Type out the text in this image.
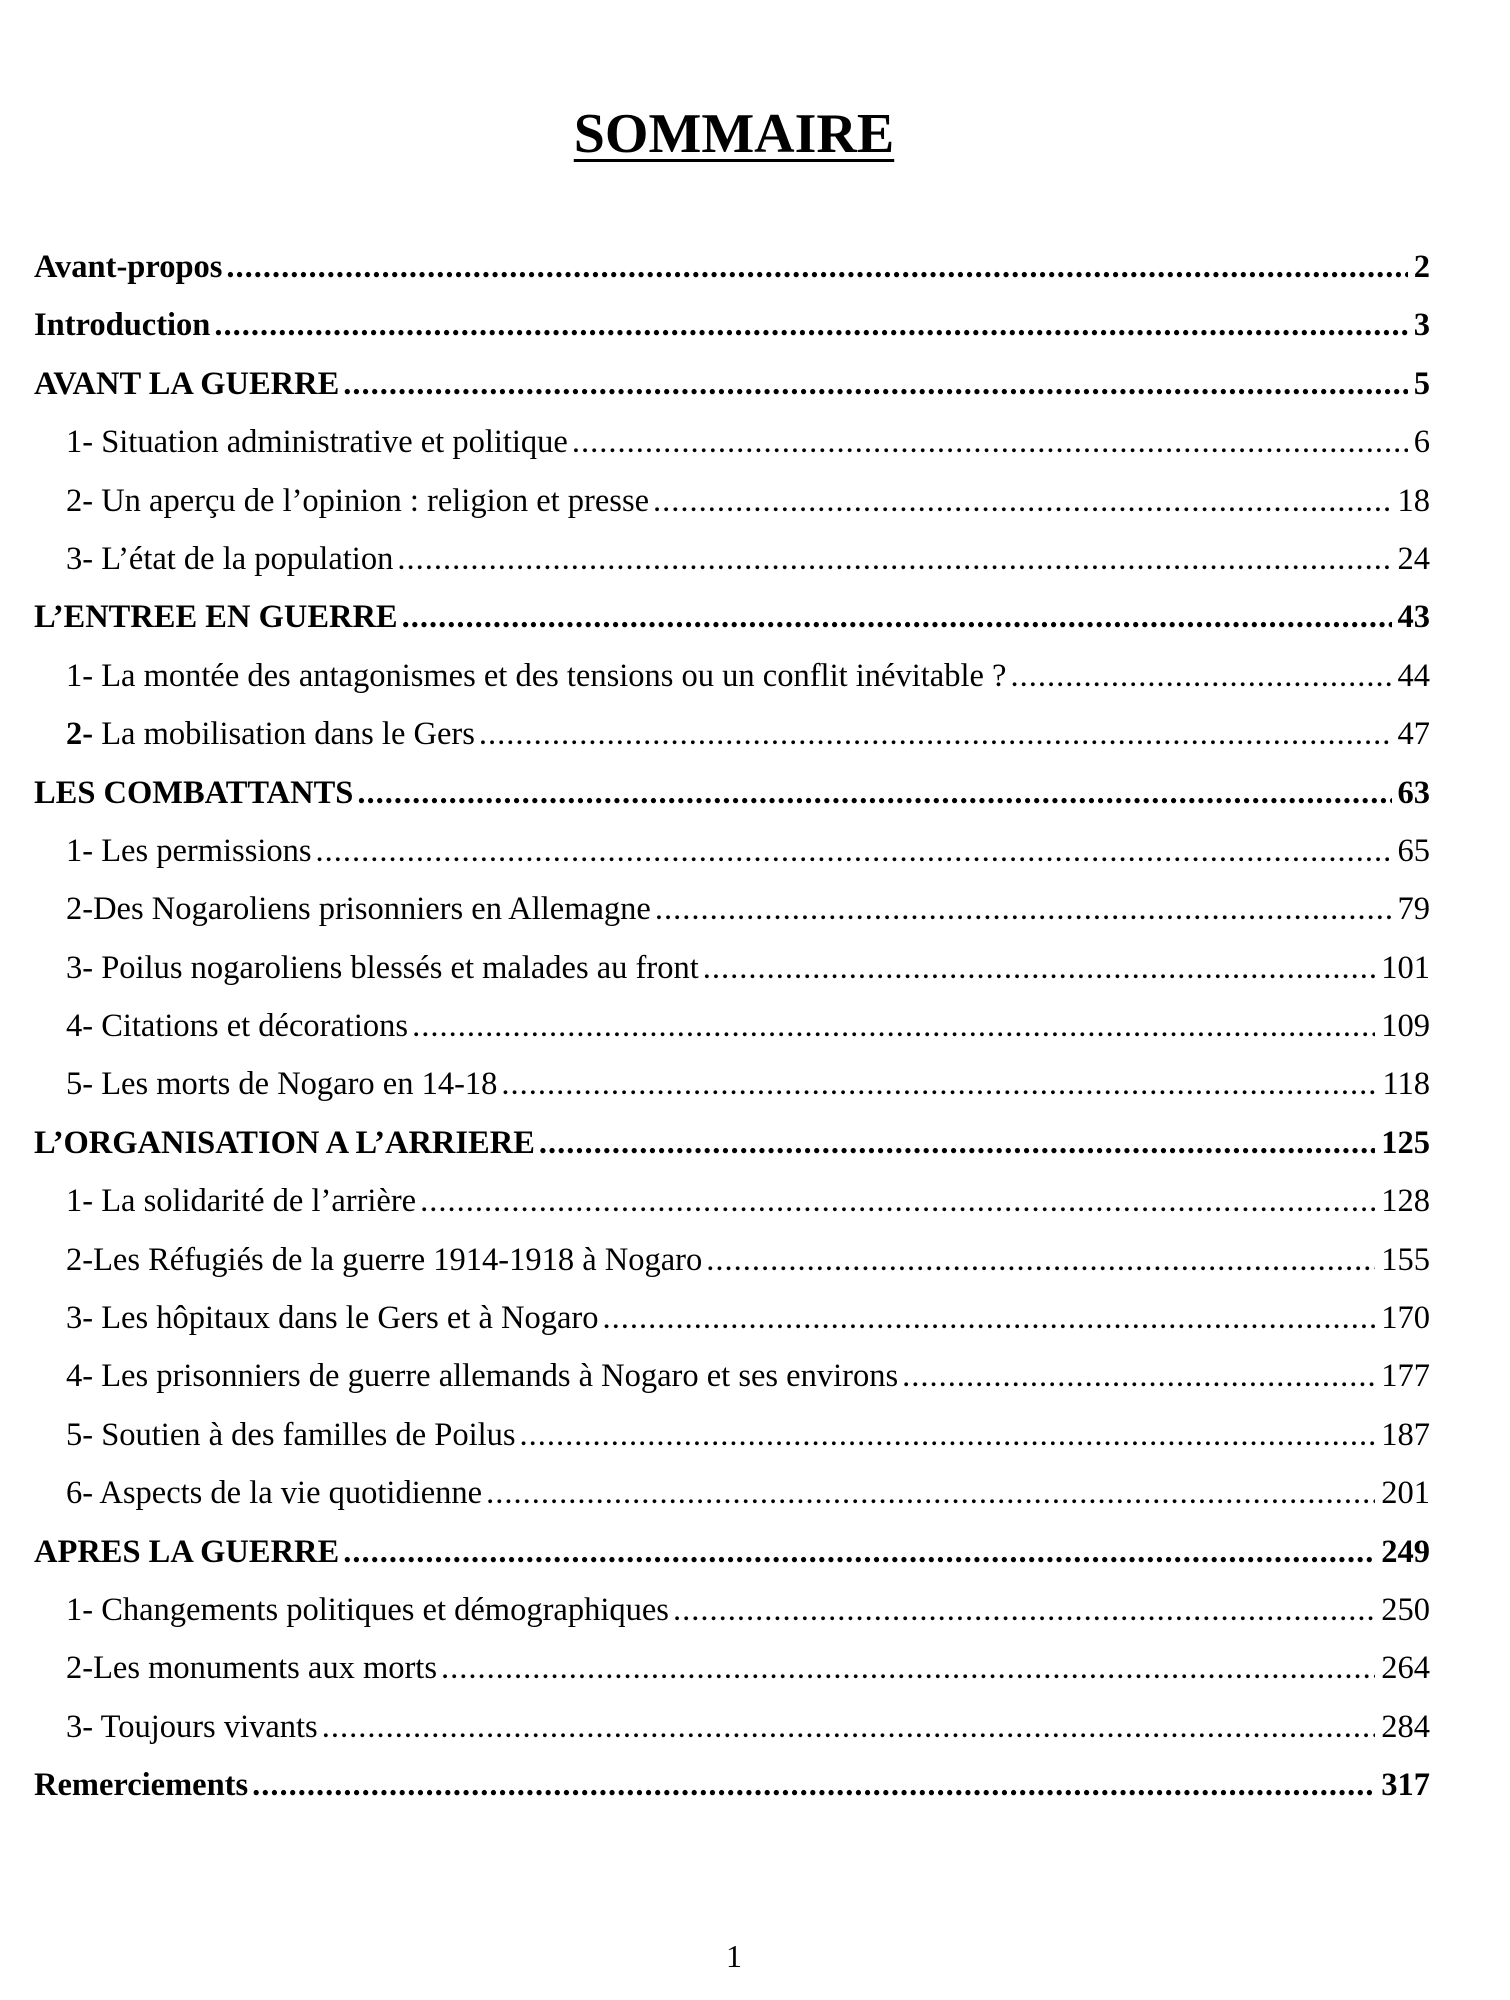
SOMMAIRE
Avant-propos .....	2
Introduction .....	3
AVANT LA GUERRE .....	5
1- Situation administrative et politique .....	6
2- Un aperçu de l’opinion : religion et presse .....	18
3- L’état de la population .....	24
L’ENTREE EN GUERRE .....	43
1- La montée des antagonismes et des tensions ou un conflit inévitable ? .....	44
2- La mobilisation dans le Gers .....	47
LES COMBATTANTS .....	63
1- Les permissions .....	65
2-Des Nogaroliens prisonniers en Allemagne .....	79
3- Poilus nogaroliens blessés et malades au front .....	101
4- Citations et décorations .....	109
5- Les morts de Nogaro en 14-18 .....	118
L’ORGANISATION A L’ARRIERE .....	125
1- La solidarité de l’arrière .....	128
2-Les Réfugiés de la guerre 1914-1918 à Nogaro .....	155
3- Les hôpitaux dans le Gers et à Nogaro .....	170
4- Les prisonniers de guerre allemands à Nogaro et ses environs .....	177
5- Soutien à des familles de Poilus .....	187
6- Aspects de la vie quotidienne .....	201
APRES LA GUERRE .....	249
1- Changements politiques et démographiques .....	250
2-Les monuments aux morts .....	264
3- Toujours vivants .....	284
Remerciements .....	317
1
